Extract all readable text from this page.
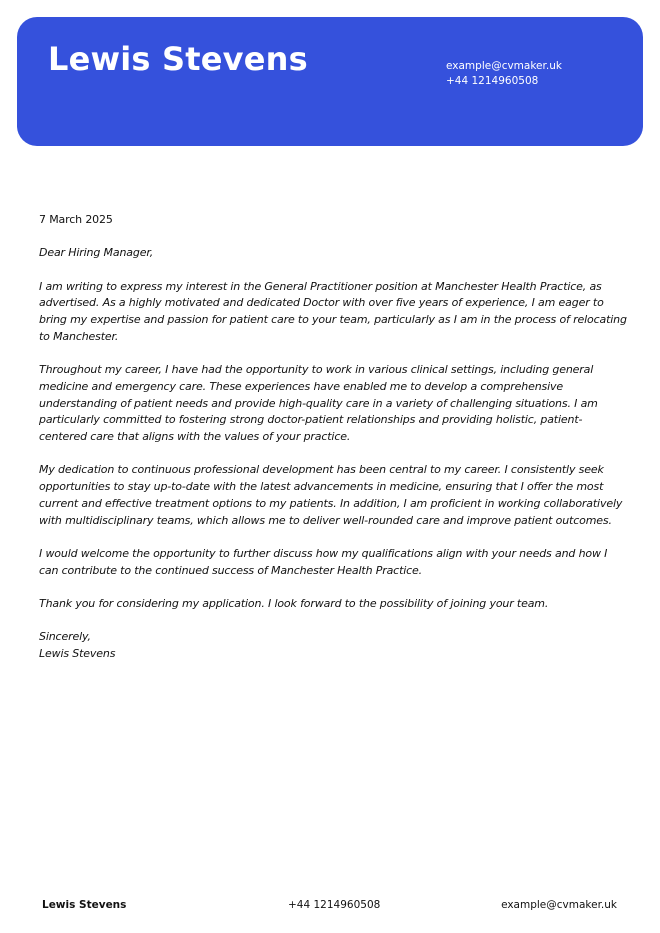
Lewis Stevens	example@cvmaker.uk
+44 1214960508

7 March 2025

Dear Hiring Manager,

I am writing to express my interest in the General Practitioner position at Manchester Health Practice, as advertised. As a highly motivated and dedicated Doctor with over five years of experience, I am eager to bring my expertise and passion for patient care to your team, particularly as I am in the process of relocating to Manchester.

Throughout my career, I have had the opportunity to work in various clinical settings, including general medicine and emergency care. These experiences have enabled me to develop a comprehensive understanding of patient needs and provide high-quality care in a variety of challenging situations. I am particularly committed to fostering strong doctor-patient relationships and providing holistic, patient-centered care that aligns with the values of your practice.

My dedication to continuous professional development has been central to my career. I consistently seek opportunities to stay up-to-date with the latest advancements in medicine, ensuring that I offer the most current and effective treatment options to my patients. In addition, I am proficient in working collaboratively with multidisciplinary teams, which allows me to deliver well-rounded care and improve patient outcomes.

I would welcome the opportunity to further discuss how my qualifications align with your needs and how I can contribute to the continued success of Manchester Health Practice.

Thank you for considering my application. I look forward to the possibility of joining your team.

Sincerely,

Lewis Stevens

Lewis Stevens	+44 1214960508	example@cvmaker.uk
